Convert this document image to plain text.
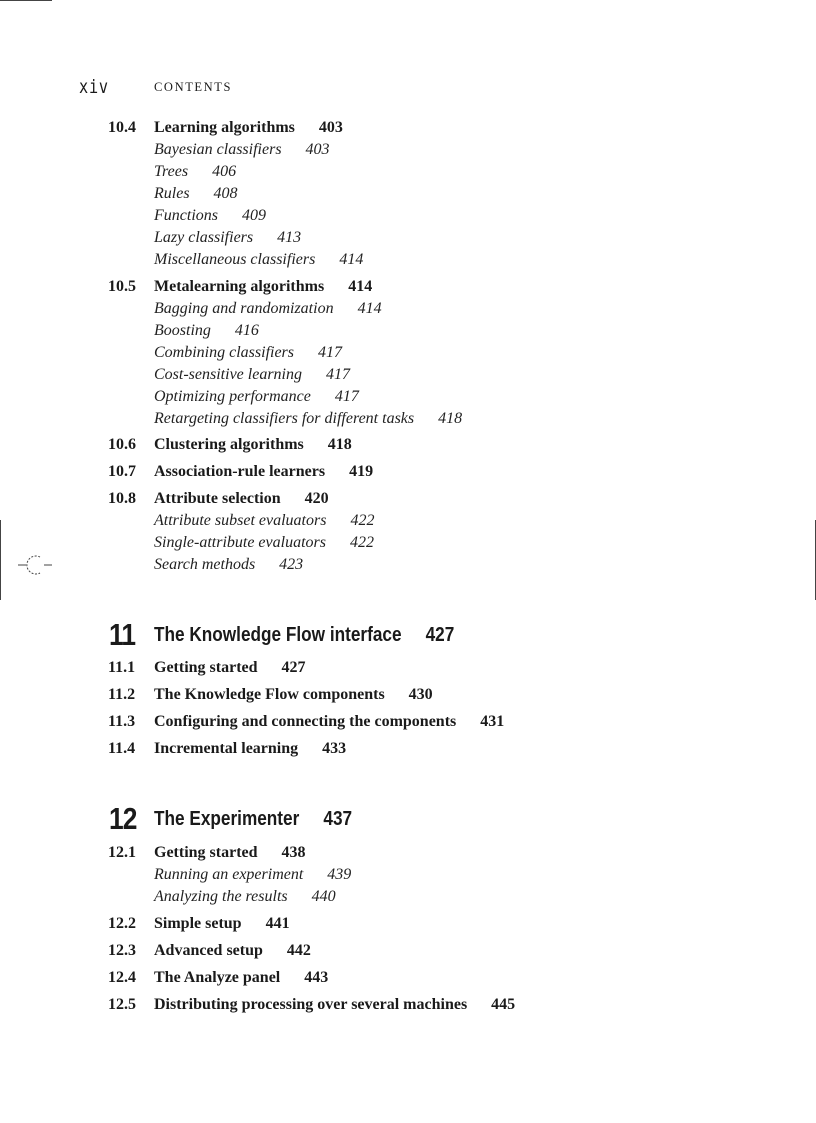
xiv	CONTENTS
10.4 Learning algorithms 403
Bayesian classifiers 403
Trees 406
Rules 408
Functions 409
Lazy classifiers 413
Miscellaneous classifiers 414
10.5 Metalearning algorithms 414
Bagging and randomization 414
Boosting 416
Combining classifiers 417
Cost-sensitive learning 417
Optimizing performance 417
Retargeting classifiers for different tasks 418
10.6 Clustering algorithms 418
10.7 Association-rule learners 419
10.8 Attribute selection 420
Attribute subset evaluators 422
Single-attribute evaluators 422
Search methods 423
11 The Knowledge Flow interface 427
11.1 Getting started 427
11.2 The Knowledge Flow components 430
11.3 Configuring and connecting the components 431
11.4 Incremental learning 433
12 The Experimenter 437
12.1 Getting started 438
Running an experiment 439
Analyzing the results 440
12.2 Simple setup 441
12.3 Advanced setup 442
12.4 The Analyze panel 443
12.5 Distributing processing over several machines 445
